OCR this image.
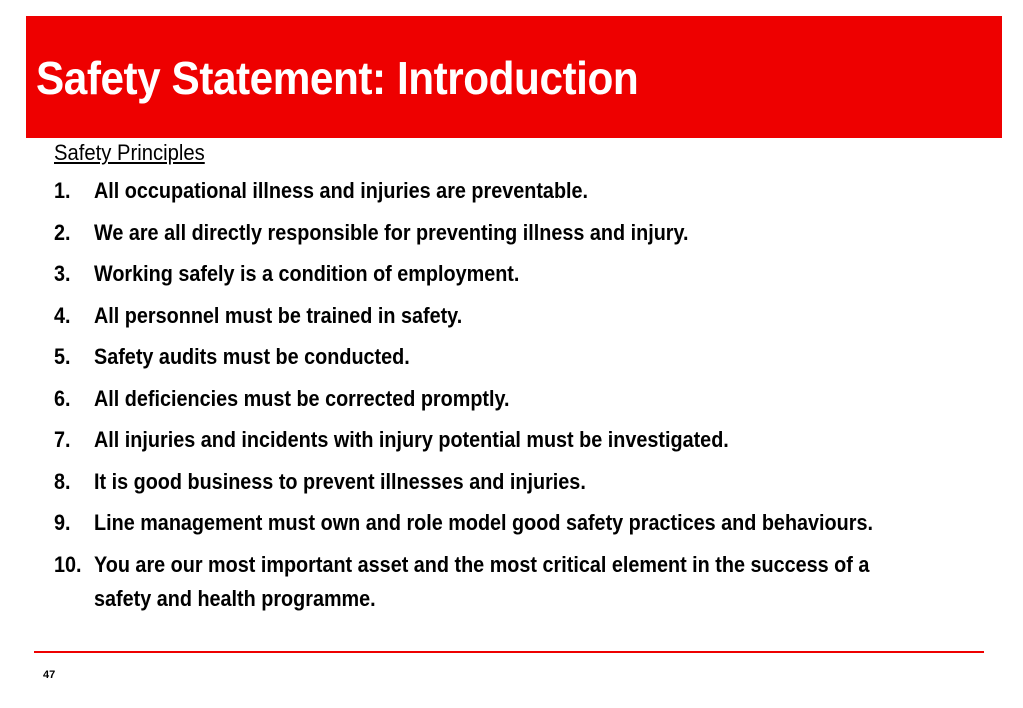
Safety Statement: Introduction

Safety Principles

1.	All occupational illness and injuries are preventable.
2.	We are all directly responsible for preventing illness and injury.
3.	Working safely is a condition of employment.
4.	All personnel must be trained in safety.
5.	Safety audits must be conducted.
6.	All deficiencies must be corrected promptly.
7.	All injuries and incidents with injury potential must be investigated.
8.	It is good business to prevent illnesses and injuries.
9.	Line management must own and role model good safety practices and behaviours.
10. You are our most important asset and the most critical element in the success of a safety and health programme.
47
